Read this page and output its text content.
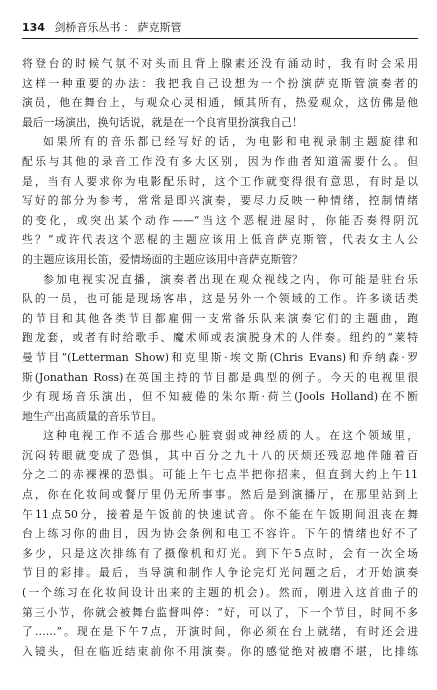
134 剑桥音乐丛书 ： 萨克斯管
将登台的时候气氛不对头而且背上腺素还没有涌动时，我有时会采用
这样一种重要的办法：我把我自己设想为一个扮演萨克斯管演奏者的
演员，他在舞台上，与观众心灵相通，倾其所有，热爱观众，这仿佛是他
最后一场演出，换句话说，就是在一个良宵里扮演我自己！
如果所有的音乐都已经写好的话，为电影和电视录制主题旋律和
配乐与其他的录音工作没有多大区别，因为作曲者知道需要什么。但
是，当有人要求你为电影配乐时，这个工作就变得很有意思，有时是以
写好的部分为参考，常常是即兴演奏，要尽力反映一种情绪，控制情绪
的变化，或突出某个动作——“当这个恶棍进屋时，你能否奏得阴沉
些？”或许代表这个恶棍的主题应该用上低音萨克斯管，代表女主人公
的主题应该用长笛，爱情场面的主题应该用中音萨克斯管？
参加电视实况直播，演奏者出现在观众视线之内，你可能是驻台乐
队的一员，也可能是现场客串，这是另外一个领域的工作。许多谈话类
的节目和其他各类节目都雇佣一支常备乐队来演奏它们的主题曲，跑
跑龙套，或者有时给歌手、魔术师或表演脱身术的人伴奏。纽约的“莱特
曼节目”(Letterman Show)和克里斯·埃文斯(Chris Evans)和乔纳森·罗
斯(Jonathan Ross)在英国主持的节目都是典型的例子。今天的电视里很
少有现场音乐演出，但不知疲倦的朱尔斯·荷兰(Jools Holland)在不断
地生产出高质量的音乐节目。
这种电视工作不适合那些心脏衰弱或神经质的人。在这个领域里，
沉闷转眼就变成了恐惧，其中百分之九十八的厌烦还残忍地伴随着百
分之二的赤裸裸的恐惧。可能上午七点半把你招来，但直到大约上午11
点，你在化妆间或餐厅里仍无所事事。然后是到演播厅，在那里站到上
午11点50分，接着是午饭前的快速试音。你不能在午饭期间沮丧在舞
台上练习你的曲目，因为协会条例和电工不容许。下午的情绪也好不了
多少，只是这次排练有了摄像机和灯光。到下午5点时，会有一次全场
节目的彩排。最后，当导演和制作人争论完灯光问题之后，才开始演奏
(一个练习在化妆间设计出来的主题的机会)。然而，刚进入这首曲子的
第三小节，你就会被舞台监督叫停：“好，可以了，下一个节目，时间不多
了……”。现在是下午7点，开演时间，你必须在台上就绪，有时还会进
入镜头，但在临近结束前你不用演奏。你的感觉绝对被磨不堪，比排练
